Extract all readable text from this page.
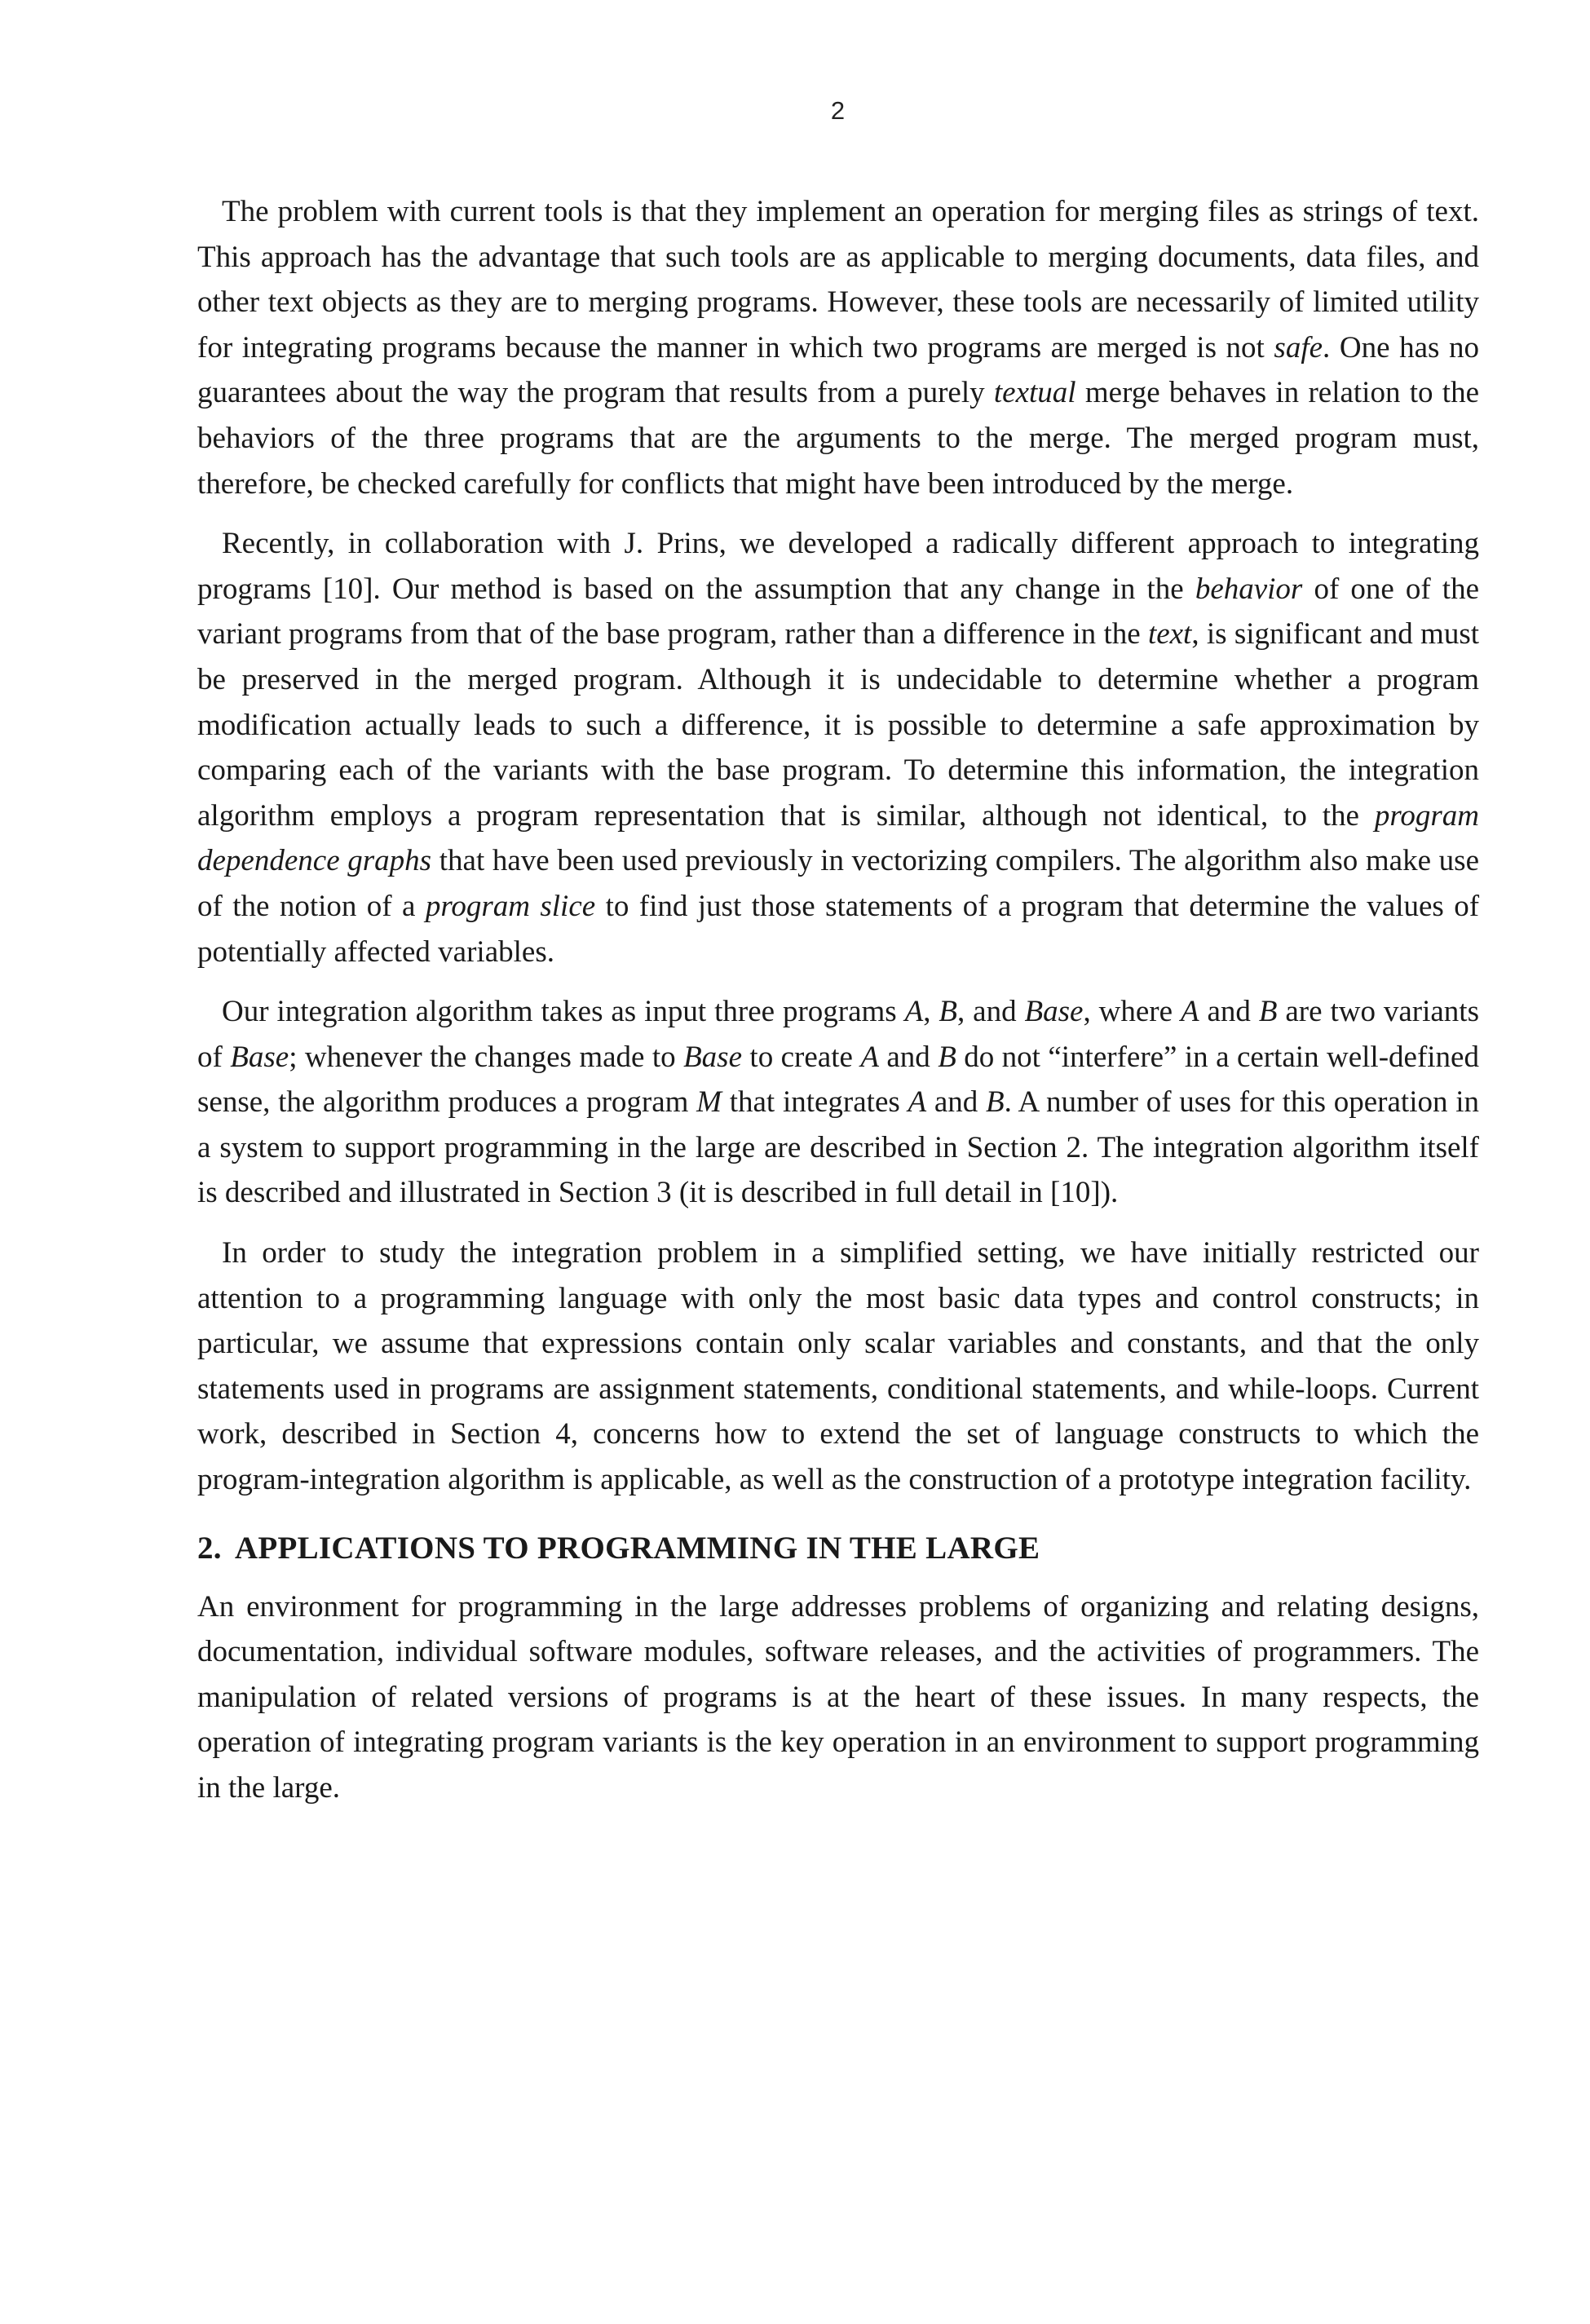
2

The problem with current tools is that they implement an operation for merging files as strings of text. This approach has the advantage that such tools are as applicable to merging documents, data files, and other text objects as they are to merging programs. However, these tools are necessarily of limited utility for integrating programs because the manner in which two programs are merged is not safe. One has no guarantees about the way the program that results from a purely textual merge behaves in relation to the behaviors of the three programs that are the arguments to the merge. The merged program must, therefore, be checked carefully for conflicts that might have been introduced by the merge.

Recently, in collaboration with J. Prins, we developed a radically different approach to integrating programs [10]. Our method is based on the assumption that any change in the behavior of one of the variant programs from that of the base program, rather than a difference in the text, is significant and must be preserved in the merged program. Although it is undecidable to determine whether a program modification actually leads to such a difference, it is possible to determine a safe approximation by comparing each of the variants with the base program. To determine this information, the integration algorithm employs a program representation that is similar, although not identical, to the program dependence graphs that have been used previously in vectorizing compilers. The algorithm also make use of the notion of a program slice to find just those statements of a program that determine the values of potentially affected variables.

Our integration algorithm takes as input three programs A, B, and Base, where A and B are two variants of Base; whenever the changes made to Base to create A and B do not “interfere” in a certain well-defined sense, the algorithm produces a program M that integrates A and B. A number of uses for this operation in a system to support programming in the large are described in Section 2. The integration algorithm itself is described and illustrated in Section 3 (it is described in full detail in [10]).

In order to study the integration problem in a simplified setting, we have initially restricted our attention to a programming language with only the most basic data types and control constructs; in particular, we assume that expressions contain only scalar variables and constants, and that the only statements used in programs are assignment statements, conditional statements, and while-loops. Current work, described in Section 4, concerns how to extend the set of language constructs to which the program-integration algorithm is applicable, as well as the construction of a prototype integration facility.

2. APPLICATIONS TO PROGRAMMING IN THE LARGE

An environment for programming in the large addresses problems of organizing and relating designs, documentation, individual software modules, software releases, and the activities of programmers. The manipulation of related versions of programs is at the heart of these issues. In many respects, the operation of integrating program variants is the key operation in an environment to support programming in the large.
